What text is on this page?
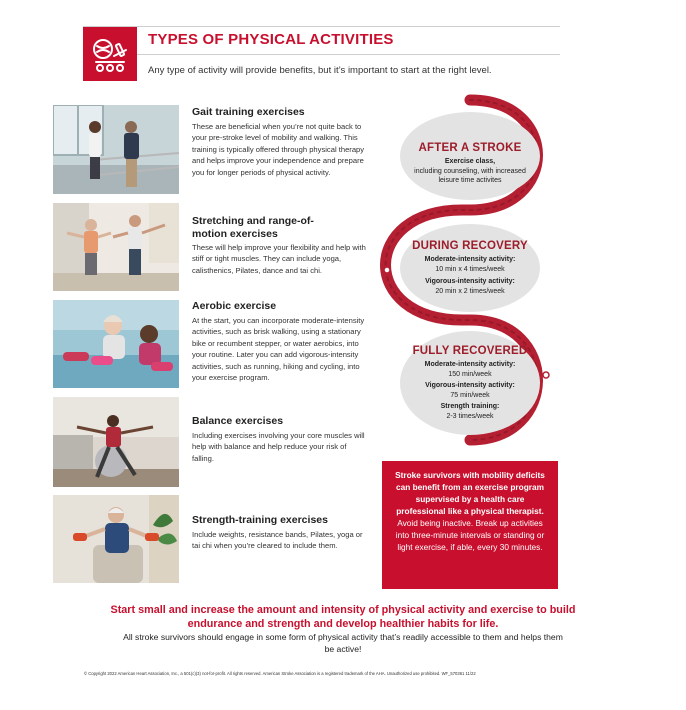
TYPES OF PHYSICAL ACTIVITIES
Any type of activity will provide benefits, but it’s important to start at the right level.
Gait training exercises
These are beneficial when you’re not quite back to your pre-stroke level of mobility and walking. This training is typically offered through physical therapy and helps improve your independence and prepare you for longer periods of physical activity.
Stretching and range-of-motion exercises
These will help improve your flexibility and help with stiff or tight muscles. They can include yoga, calisthenics, Pilates, dance and tai chi.
Aerobic exercise
At the start, you can incorporate moderate-intensity activities, such as brisk walking, using a stationary bike or recumbent stepper, or water aerobics, into your routine. Later you can add vigorous-intensity activities, such as running, hiking and cycling, into your exercise program.
Balance exercises
Including exercises involving your core muscles will help with balance and help reduce your risk of falling.
Strength-training exercises
Include weights, resistance bands, Pilates, yoga or tai chi when you’re cleared to include them.
AFTER A STROKE
Exercise class,
including counseling, with increased
leisure time activites
DURING RECOVERY
Moderate-intensity activity:
10 min x 4 times/week
Vigorous-intensity activity:
20 min x 2 times/week
FULLY RECOVERED
Moderate-intensity activity:
150 min/week
Vigorous-intensity activity:
75 min/week
Strength training:
2-3 times/week
Stroke survivors with mobility deficits can benefit from an exercise program supervised by a health care professional like a physical therapist. Avoid being inactive. Break up activities into three-minute intervals or standing or light exercise, if able, every 30 minutes.
Start small and increase the amount and intensity of physical activity and exercise to build endurance and strength and develop healthier habits for life.
All stroke survivors should engage in some form of physical activity that’s readily accessible to them and helps them be active!
© Copyright 2022 American Heart Association, Inc., a 501(c)(3) not-for-profit. All rights reserved. American Stroke Association is a registered trademark of the AHA. Unauthorized use prohibited. WF_570361 11/22
